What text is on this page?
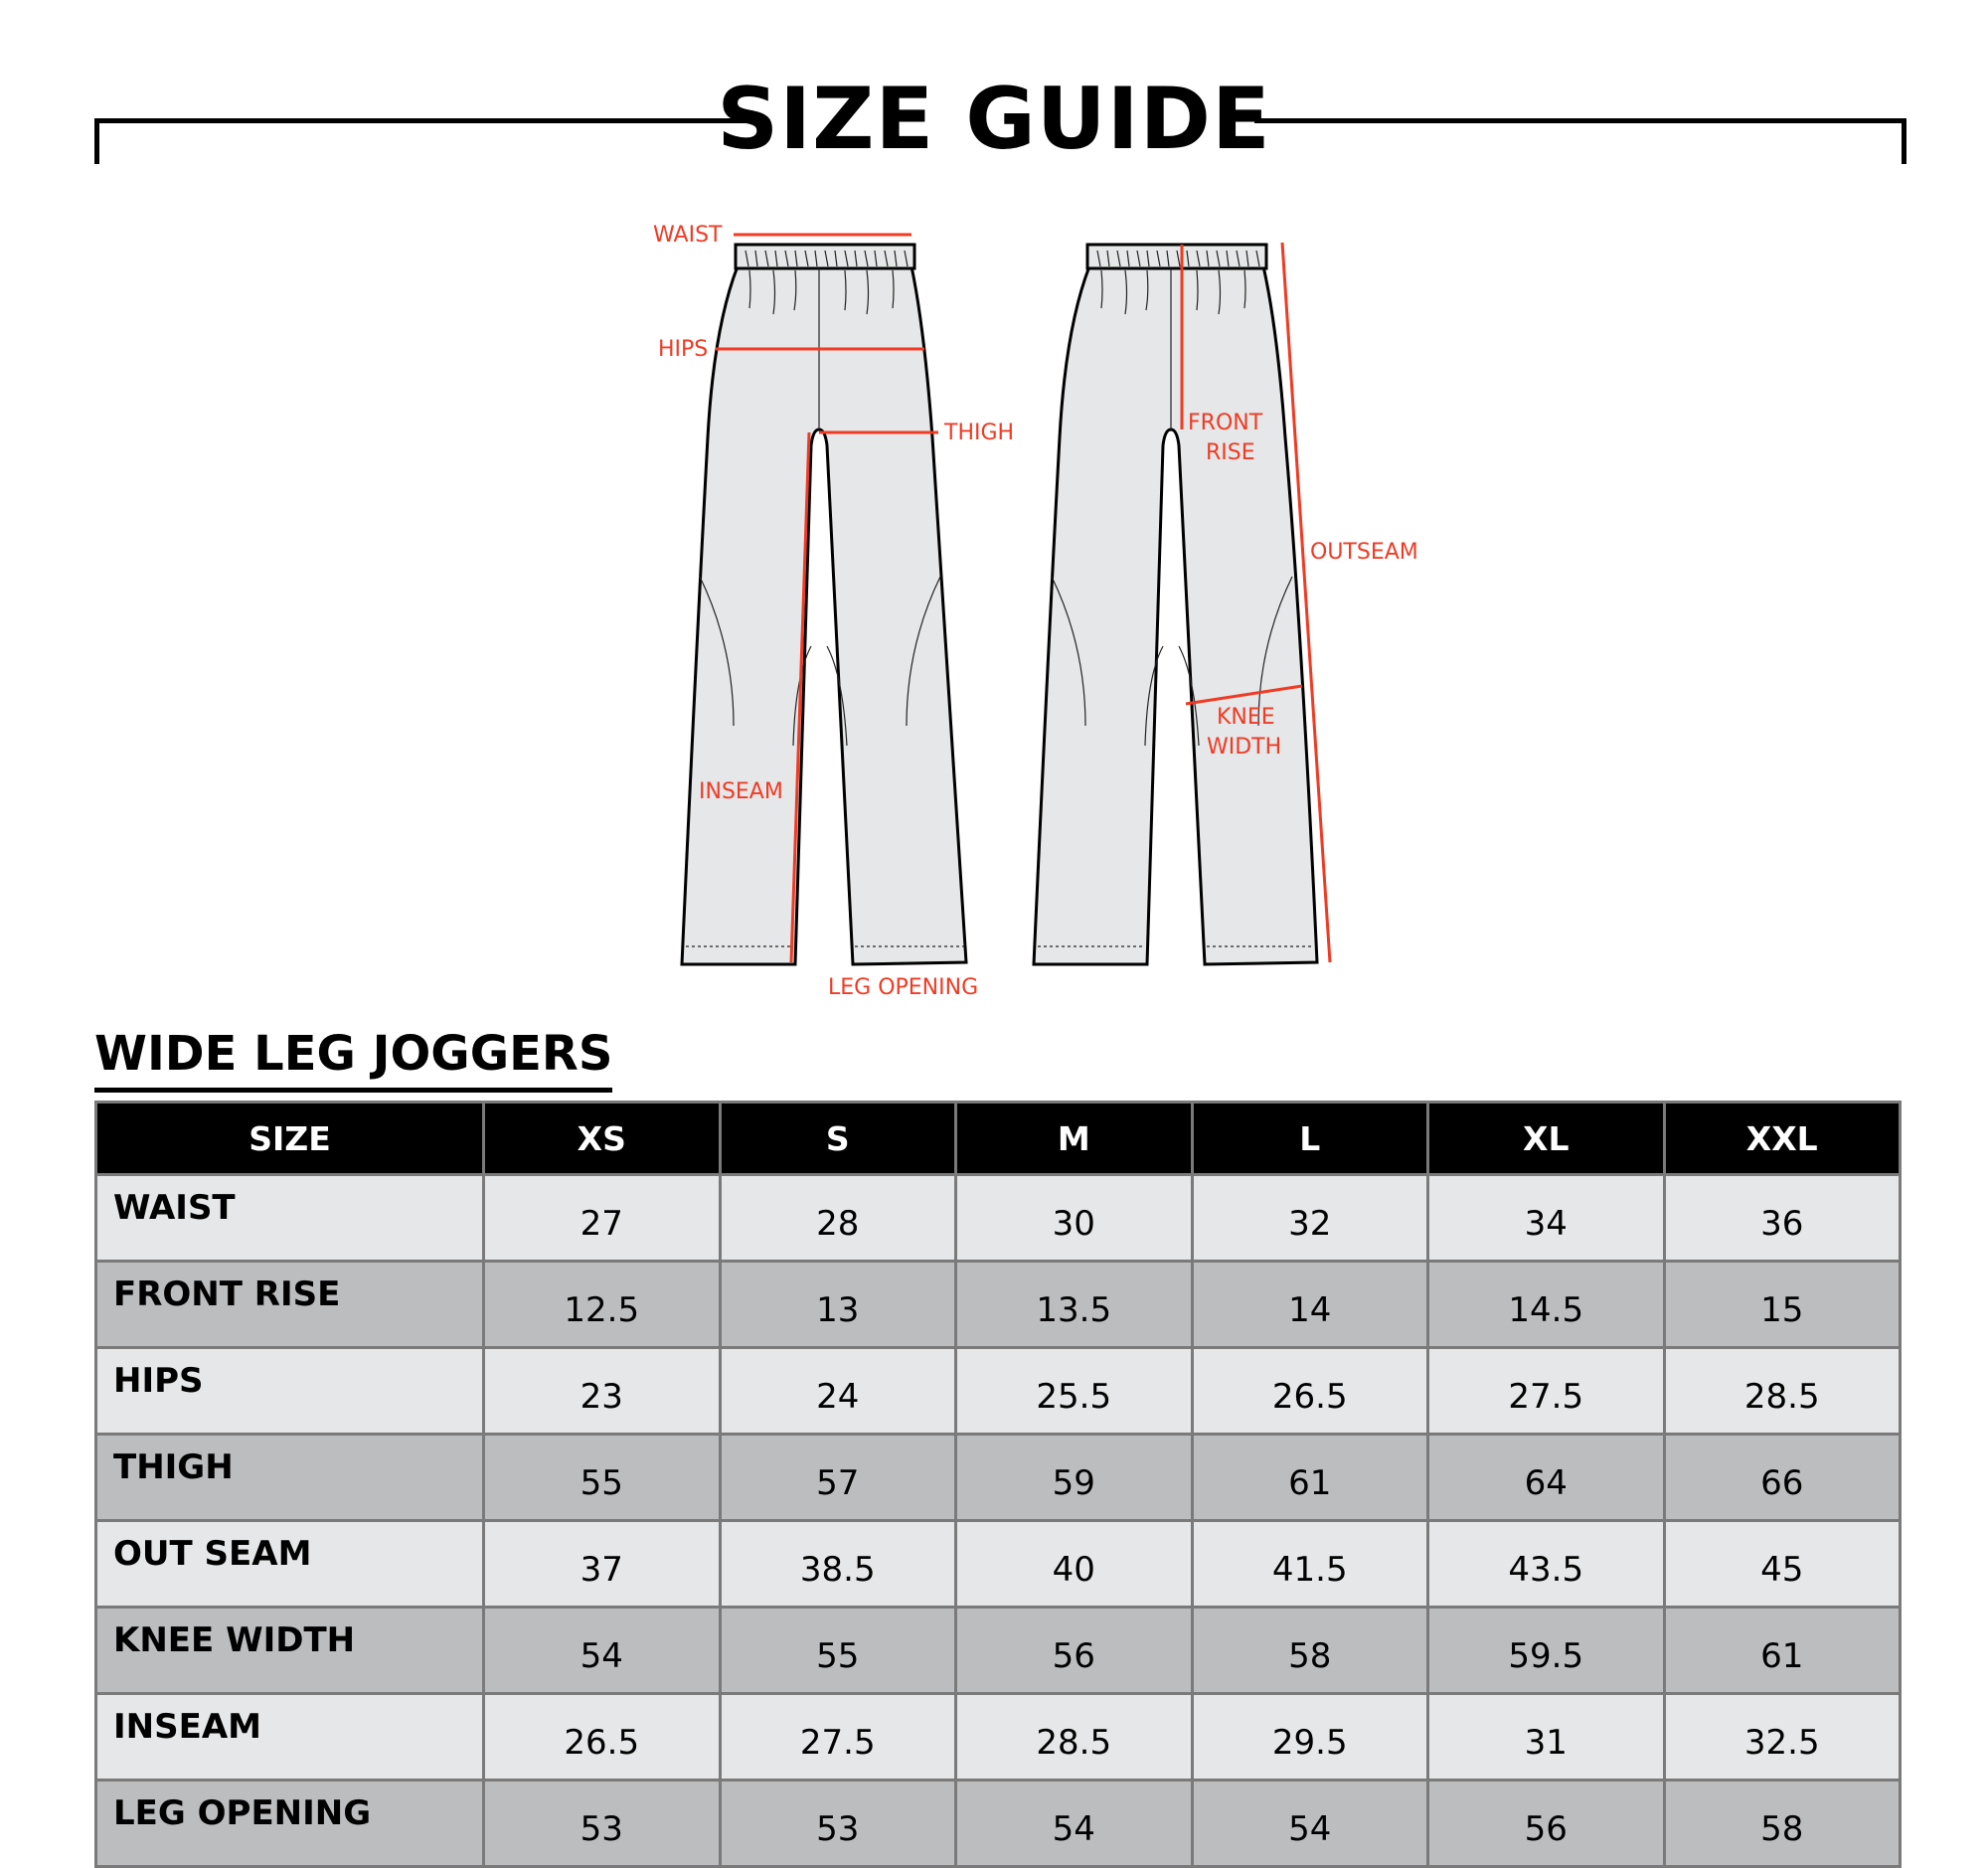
SIZE GUIDE
WAIST
HIPS
THIGH
INSEAM
LEG OPENING
FRONT
RISE
OUTSEAM
KNEE
WIDTH
WIDE LEG JOGGERS
SIZE	XS	S	M	L	XL	XXL
WAIST	27	28	30	32	34	36
FRONT RISE	12.5	13	13.5	14	14.5	15
HIPS	23	24	25.5	26.5	27.5	28.5
THIGH	55	57	59	61	64	66
OUT SEAM	37	38.5	40	41.5	43.5	45
KNEE WIDTH	54	55	56	58	59.5	61
INSEAM	26.5	27.5	28.5	29.5	31	32.5
LEG OPENING	53	53	54	54	56	58
